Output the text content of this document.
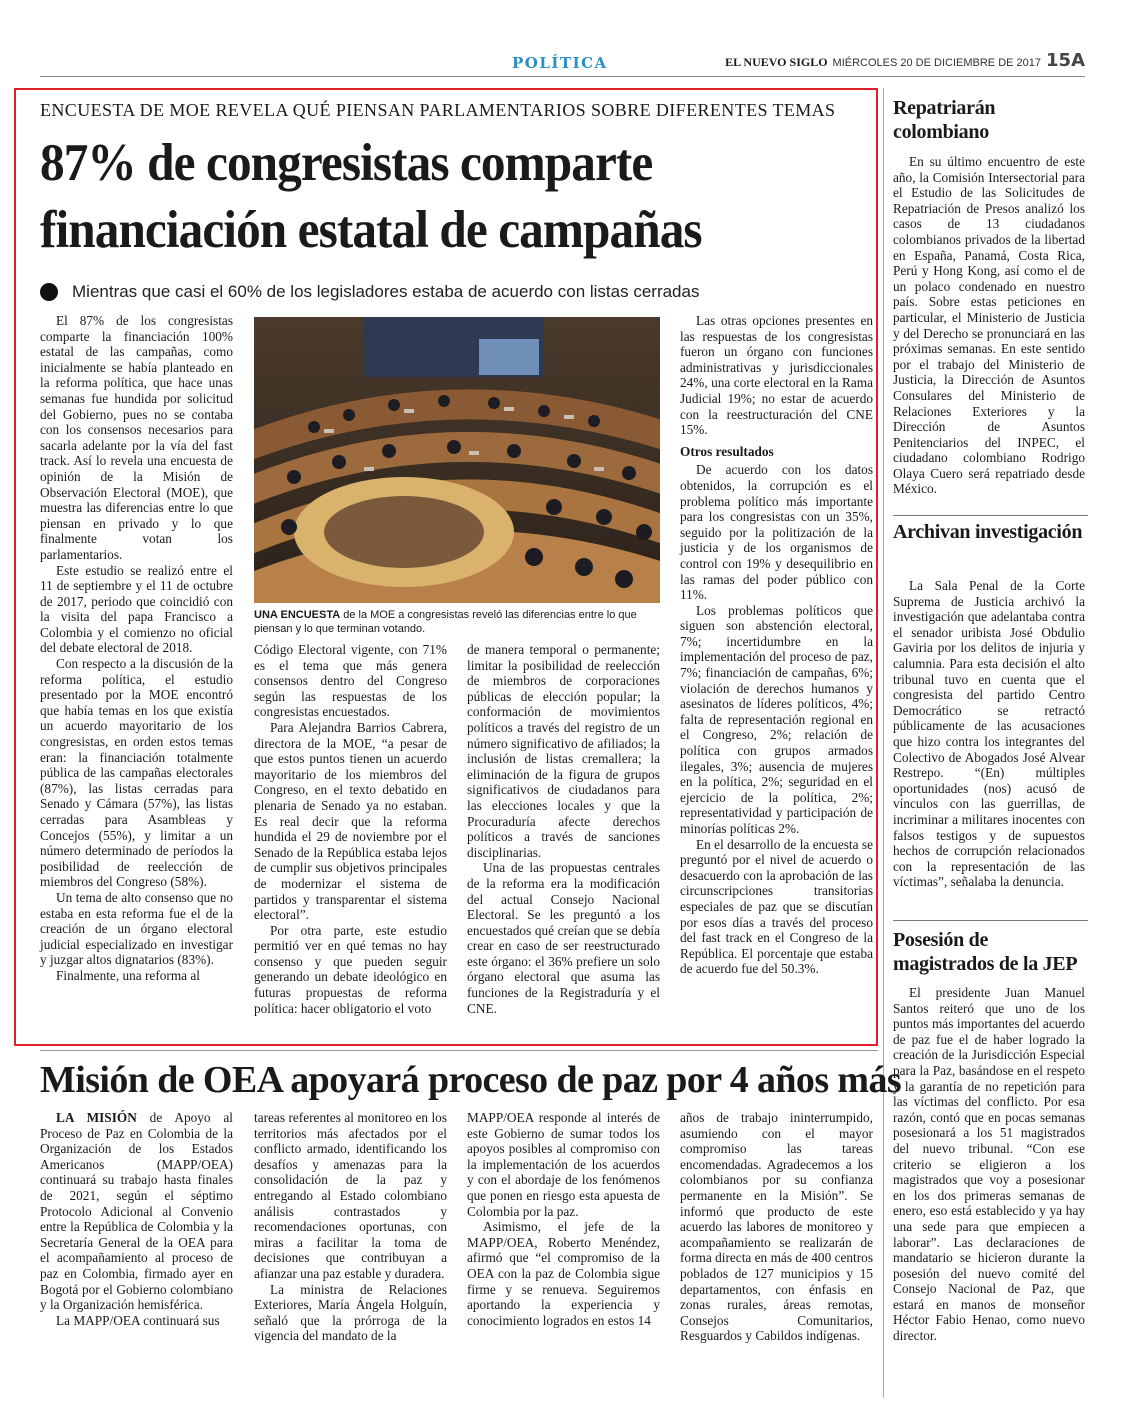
POLÍTICA	EL NUEVO SIGLO MIÉRCOLES 20 DE DICIEMBRE DE 2017 15A
ENCUESTA DE MOE REVELA QUÉ PIENSAN PARLAMENTARIOS SOBRE DIFERENTES TEMAS
87% de congresistas comparte
financiación estatal de campañas
Mientras que casi el 60% de los legisladores estaba de acuerdo con listas cerradas

El 87% de los congresistas comparte la financiación 100% estatal de las campañas, como inicialmente se había planteado en la reforma política, que hace unas semanas fue hundida por solicitud del Gobierno, pues no se contaba con los consensos necesarios para sacarla adelante por la vía del fast track. Así lo revela una encuesta de opinión de la Misión de Observación Electoral (MOE), que muestra las diferencias entre lo que piensan en privado y lo que finalmente votan los parlamentarios.

Este estudio se realizó entre el 11 de septiembre y el 11 de octubre de 2017, periodo que coincidió con la visita del papa Francisco a Colombia y el comienzo no oficial del debate electoral de 2018.

Con respecto a la discusión de la reforma política, el estudio presentado por la MOE encontró que había temas en los que existía un acuerdo mayoritario de los congresistas, en orden estos temas eran: la financiación totalmente pública de las campañas electorales (87%), las listas cerradas para Senado y Cámara (57%), las listas cerradas para Asambleas y Concejos (55%), y limitar a un número determinado de períodos la posibilidad de reelección de miembros del Congreso (58%).

Un tema de alto consenso que no estaba en esta reforma fue el de la creación de un órgano electoral judicial especializado en investigar y juzgar altos dignatarios (83%).

Finalmente, una reforma al

UNA ENCUESTA de la MOE a congresistas reveló las diferencias entre lo que piensan y lo que terminan votando.

Código Electoral vigente, con 71% es el tema que más genera consensos dentro del Congreso según las respuestas de los congresistas encuestados.

Para Alejandra Barrios Cabrera, directora de la MOE, “a pesar de que estos puntos tienen un acuerdo mayoritario de los miembros del Congreso, en el texto debatido en plenaria de Senado ya no estaban. Es real decir que la reforma hundida el 29 de noviembre por el Senado de la República estaba lejos de cumplir sus objetivos principales de modernizar el sistema de partidos y transparentar el sistema electoral”.

Por otra parte, este estudio permitió ver en qué temas no hay consenso y que pueden seguir generando un debate ideológico en futuras propuestas de reforma política: hacer obligatorio el voto

de manera temporal o permanente; limitar la posibilidad de reelección de miembros de corporaciones públicas de elección popular; la conformación de movimientos políticos a través del registro de un número significativo de afiliados; la inclusión de listas cremallera; la eliminación de la figura de grupos significativos de ciudadanos para las elecciones locales y que la Procuraduría afecte derechos políticos a través de sanciones disciplinarias.

Una de las propuestas centrales de la reforma era la modificación del actual Consejo Nacional Electoral. Se les preguntó a los encuestados qué creían que se debía crear en caso de ser reestructurado este órgano: el 36% prefiere un solo órgano electoral que asuma las funciones de la Registraduría y el CNE.

Las otras opciones presentes en las respuestas de los congresistas fueron un órgano con funciones administrativas y jurisdiccionales 24%, una corte electoral en la Rama Judicial 19%; no estar de acuerdo con la reestructuración del CNE 15%.

Otros resultados

De acuerdo con los datos obtenidos, la corrupción es el problema político más importante para los congresistas con un 35%, seguido por la politización de la justicia y de los organismos de control con 19% y desequilibrio en las ramas del poder público con 11%.

Los problemas políticos que siguen son abstención electoral, 7%; incertidumbre en la implementación del proceso de paz, 7%; financiación de campañas, 6%; violación de derechos humanos y asesinatos de líderes políticos, 4%; falta de representación regional en el Congreso, 2%; relación de política con grupos armados ilegales, 3%; ausencia de mujeres en la política, 2%; seguridad en el ejercicio de la política, 2%; representatividad y participación de minorías políticas 2%.

En el desarrollo de la encuesta se preguntó por el nivel de acuerdo o desacuerdo con la aprobación de las circunscripciones transitorias especiales de paz que se discutían por esos días a través del proceso del fast track en el Congreso de la República. El porcentaje que estaba de acuerdo fue del 50.3%.

Repatriarán colombiano

En su último encuentro de este año, la Comisión Intersectorial para el Estudio de las Solicitudes de Repatriación de Presos analizó los casos de 13 ciudadanos colombianos privados de la libertad en España, Panamá, Costa Rica, Perú y Hong Kong, así como el de un polaco condenado en nuestro país. Sobre estas peticiones en particular, el Ministerio de Justicia y del Derecho se pronunciará en las próximas semanas. En este sentido por el trabajo del Ministerio de Justicia, la Dirección de Asuntos Consulares del Ministerio de Relaciones Exteriores y la Dirección de Asuntos Penitenciarios del INPEC, el ciudadano colombiano Rodrigo Olaya Cuero será repatriado desde México.

Archivan investigación

La Sala Penal de la Corte Suprema de Justicia archivó la investigación que adelantaba contra el senador uribista José Obdulio Gaviria por los delitos de injuria y calumnia. Para esta decisión el alto tribunal tuvo en cuenta que el congresista del partido Centro Democrático se retractó públicamente de las acusaciones que hizo contra los integrantes del Colectivo de Abogados José Alvear Restrepo. “(En) múltiples oportunidades (nos) acusó de vínculos con las guerrillas, de incriminar a militares inocentes con falsos testigos y de supuestos hechos de corrupción relacionados con la representación de las víctimas”, señalaba la denuncia.

Posesión de magistrados de la JEP

El presidente Juan Manuel Santos reiteró que uno de los puntos más importantes del acuerdo de paz fue el de haber logrado la creación de la Jurisdicción Especial para la Paz, basándose en el respeto y la garantía de no repetición para las víctimas del conflicto. Por esa razón, contó que en pocas semanas posesionará a los 51 magistrados del nuevo tribunal. “Con ese criterio se eligieron a los magistrados que voy a posesionar en los dos primeras semanas de enero, eso está establecido y ya hay una sede para que empiecen a laborar”. Las declaraciones de mandatario se hicieron durante la posesión del nuevo comité del Consejo Nacional de Paz, que estará en manos de monseñor Héctor Fabio Henao, como nuevo director.

Misión de OEA apoyará proceso de paz por 4 años más

LA MISIÓN de Apoyo al Proceso de Paz en Colombia de la Organización de los Estados Americanos (MAPP/OEA) continuará su trabajo hasta finales de 2021, según el séptimo Protocolo Adicional al Convenio entre la República de Colombia y la Secretaría General de la OEA para el acompañamiento al proceso de paz en Colombia, firmado ayer en Bogotá por el Gobierno colombiano y la Organización hemisférica.

La MAPP/OEA continuará sus

tareas referentes al monitoreo en los territorios más afectados por el conflicto armado, identificando los desafíos y amenazas para la consolidación de la paz y entregando al Estado colombiano análisis contrastados y recomendaciones oportunas, con miras a facilitar la toma de decisiones que contribuyan a afianzar una paz estable y duradera.

La ministra de Relaciones Exteriores, María Ángela Holguín, señaló que la prórroga de la vigencia del mandato de la

MAPP/OEA responde al interés de este Gobierno de sumar todos los apoyos posibles al compromiso con la implementación de los acuerdos y con el abordaje de los fenómenos que ponen en riesgo esta apuesta de Colombia por la paz.

Asimismo, el jefe de la MAPP/OEA, Roberto Menéndez, afirmó que “el compromiso de la OEA con la paz de Colombia sigue firme y se renueva. Seguiremos aportando la experiencia y conocimiento logrados en estos 14

años de trabajo ininterrumpido, asumiendo con el mayor compromiso las tareas encomendadas. Agradecemos a los colombianos por su confianza permanente en la Misión”. Se informó que producto de este acuerdo las labores de monitoreo y acompañamiento se realizarán de forma directa en más de 400 centros poblados de 127 municipios y 15 departamentos, con énfasis en zonas rurales, áreas remotas, Consejos Comunitarios, Resguardos y Cabildos indígenas.
